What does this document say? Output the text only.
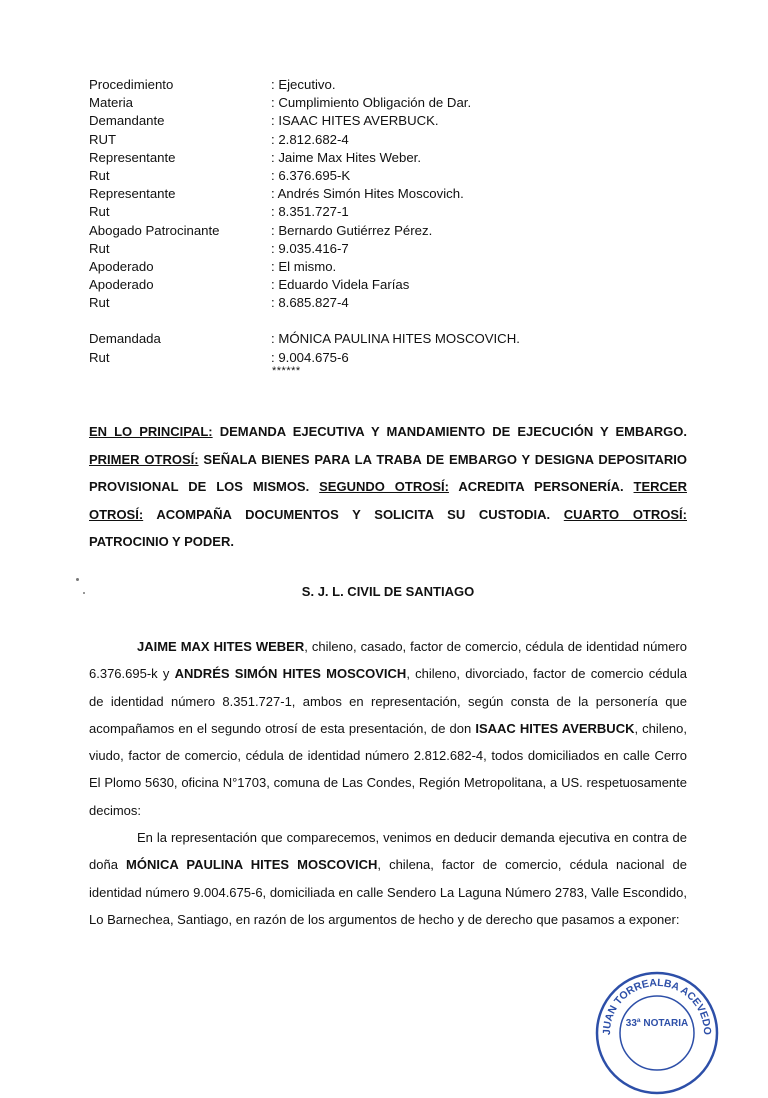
Procedimiento	: Ejecutivo.
Materia	: Cumplimiento Obligación de Dar.
Demandante	: ISAAC HITES AVERBUCK.
RUT	: 2.812.682-4
Representante	: Jaime Max Hites Weber.
Rut	: 6.376.695-K
Representante	: Andrés Simón Hites Moscovich.
Rut	: 8.351.727-1
Abogado Patrocinante	: Bernardo Gutiérrez Pérez.
Rut	: 9.035.416-7
Apoderado	: El mismo.
Apoderado	: Eduardo Videla Farías
Rut	: 8.685.827-4
Demandada	: MÓNICA PAULINA HITES MOSCOVICH.
Rut	: 9.004.675-6
******
EN LO PRINCIPAL: DEMANDA EJECUTIVA Y MANDAMIENTO DE EJECUCIÓN Y EMBARGO. PRIMER OTROSÍ: SEÑALA BIENES PARA LA TRABA DE EMBARGO Y DESIGNA DEPOSITARIO PROVISIONAL DE LOS MISMOS. SEGUNDO OTROSÍ: ACREDITA PERSONERÍA. TERCER OTROSÍ: ACOMPAÑA DOCUMENTOS Y SOLICITA SU CUSTODIA. CUARTO OTROSÍ: PATROCINIO Y PODER.
S. J. L. CIVIL DE SANTIAGO

JAIME MAX HITES WEBER, chileno, casado, factor de comercio, cédula de identidad número 6.376.695-k y ANDRÉS SIMÓN HITES MOSCOVICH, chileno, divorciado, factor de comercio cédula de identidad número 8.351.727-1, ambos en representación, según consta de la personería que acompañamos en el segundo otrosí de esta presentación, de don ISAAC HITES AVERBUCK, chileno, viudo, factor de comercio, cédula de identidad número 2.812.682-4, todos domiciliados en calle Cerro El Plomo 5630, oficina N°1703, comuna de Las Condes, Región Metropolitana, a US. respetuosamente decimos:

En la representación que comparecemos, venimos en deducir demanda ejecutiva en contra de doña MÓNICA PAULINA HITES MOSCOVICH, chilena, factor de comercio, cédula nacional de identidad número 9.004.675-6, domiciliada en calle Sendero La Laguna Número 2783, Valle Escondido, Lo Barnechea, Santiago, en razón de los argumentos de hecho y de derecho que pasamos a exponer:

JUAN TORREALBA ACEVEDO
33ª NOTARIA
